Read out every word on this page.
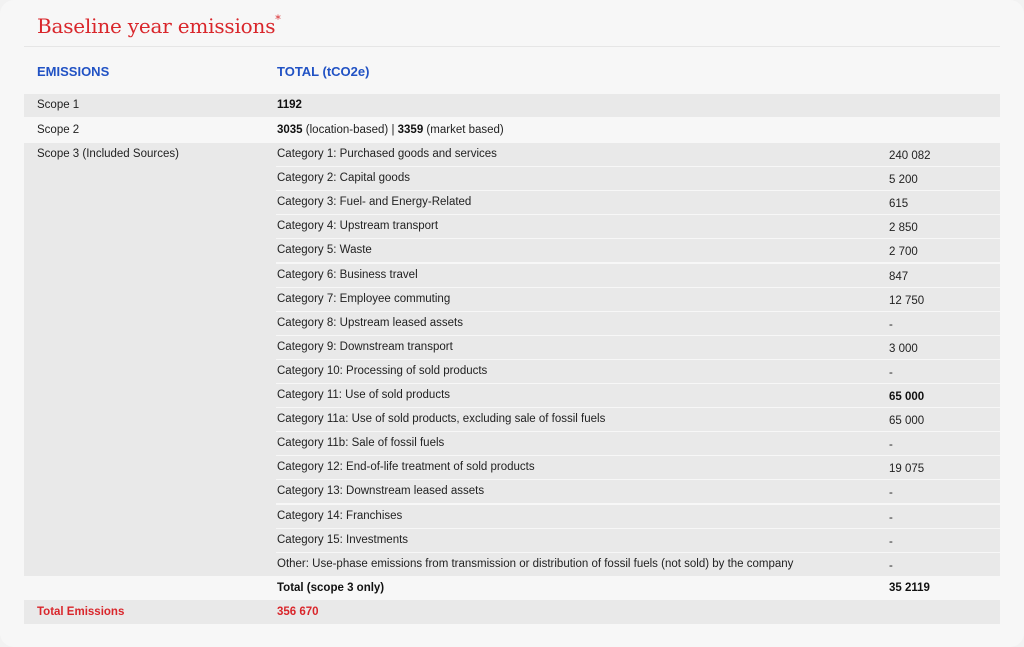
Baseline year emissions*
EMISSIONS	TOTAL (tCO2e)
Scope 1	1192
Scope 2	3035 (location-based) | 3359 (market based)
Scope 3 (Included Sources)	Category 1: Purchased goods and services	240 082
Category 2: Capital goods	5 200
Category 3: Fuel- and Energy-Related	615
Category 4: Upstream transport	2 850
Category 5: Waste	2 700
Category 6: Business travel	847
Category 7: Employee commuting	12 750
Category 8: Upstream leased assets	-
Category 9: Downstream transport	3 000
Category 10: Processing of sold products	-
Category 11: Use of sold products	65 000
Category 11a: Use of sold products, excluding sale of fossil fuels	65 000
Category 11b: Sale of fossil fuels	-
Category 12: End-of-life treatment of sold products	19 075
Category 13: Downstream leased assets	-
Category 14: Franchises	-
Category 15: Investments	-
Other: Use-phase emissions from transmission or distribution of fossil fuels (not sold) by the company	-
Total (scope 3 only)	35 2119
Total Emissions	356 670
